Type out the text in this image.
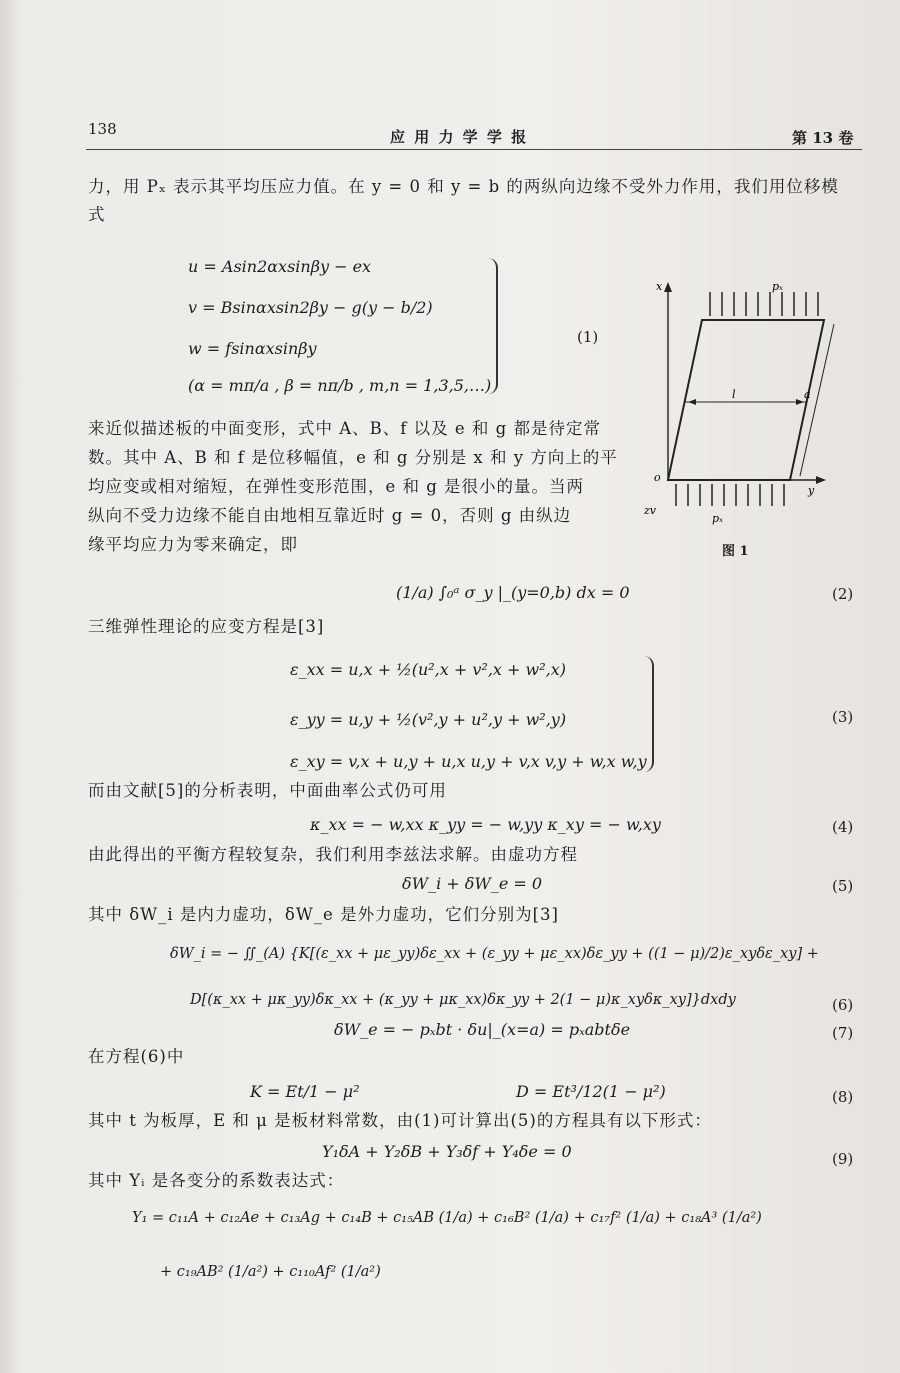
138	应 用 力 学 学 报	第 13 卷
力，用 Pₓ 表示其平均压应力值。在 y = 0 和 y = b 的两纵向边缘不受外力作用，我们用位移模
式
u = Asin2αxsinβy − ex
v = Bsinαxsin2βy − g(y − b/2)
w = fsinαxsinβy
(α = mπ/a , β = nπ/b , m,n = 1,3,5,…)
(1)
x
y
o
zv
pₓ
pₓ
l	a
图 1
来近似描述板的中面变形，式中 A、B、f 以及 e 和 g 都是待定常
数。其中 A、B 和 f 是位移幅值，e 和 g 分别是 x 和 y 方向上的平
均应变或相对缩短，在弹性变形范围，e 和 g 是很小的量。当两
纵向不受力边缘不能自由地相互靠近时 g = 0，否则 g 由纵边
缘平均应力为零来确定，即
(1/a) ∫₀ᵃ σ_y |_(y=0,b) dx = 0	(2)
三维弹性理论的应变方程是[3]
ε_xx = u,x + ½(u²,x + v²,x + w²,x)
ε_yy = u,y + ½(v²,y + u²,y + w²,y)
ε_xy = v,x + u,y + u,x u,y + v,x v,y + w,x w,y
(3)
而由文献[5]的分析表明，中面曲率公式仍可用
κ_xx = − w,xx κ_yy = − w,yy κ_xy = − w,xy	(4)
由此得出的平衡方程较复杂，我们利用李兹法求解。由虚功方程
δW_i + δW_e = 0	(5)
其中 δW_i 是内力虚功，δW_e 是外力虚功，它们分别为[3]
δW_i = − ∬_(A) {K[(ε_xx + με_yy)δε_xx + (ε_yy + με_xx)δε_yy + ((1 − μ)/2)ε_xyδε_xy] +
D[(κ_xx + μκ_yy)δκ_xx + (κ_yy + μκ_xx)δκ_yy + 2(1 − μ)κ_xyδκ_xy]}dxdy	(6)
δW_e = − pₓbt · δu|_(x=a) = pₓabtδe	(7)
在方程(6)中
K = Et/1 − μ²	D = Et³/12(1 − μ²)	(8)
其中 t 为板厚，E 和 μ 是板材料常数，由(1)可计算出(5)的方程具有以下形式：
Y₁δA + Y₂δB + Y₃δf + Y₄δe = 0	(9)
其中 Yᵢ 是各变分的系数表达式：
Y₁ = c₁₁A + c₁₂Ae + c₁₃Ag + c₁₄B + c₁₅AB (1/a) + c₁₆B² (1/a) + c₁₇f² (1/a) + c₁₈A³ (1/a²)
+ c₁₉AB² (1/a²) + c₁₁₀Af² (1/a²)
